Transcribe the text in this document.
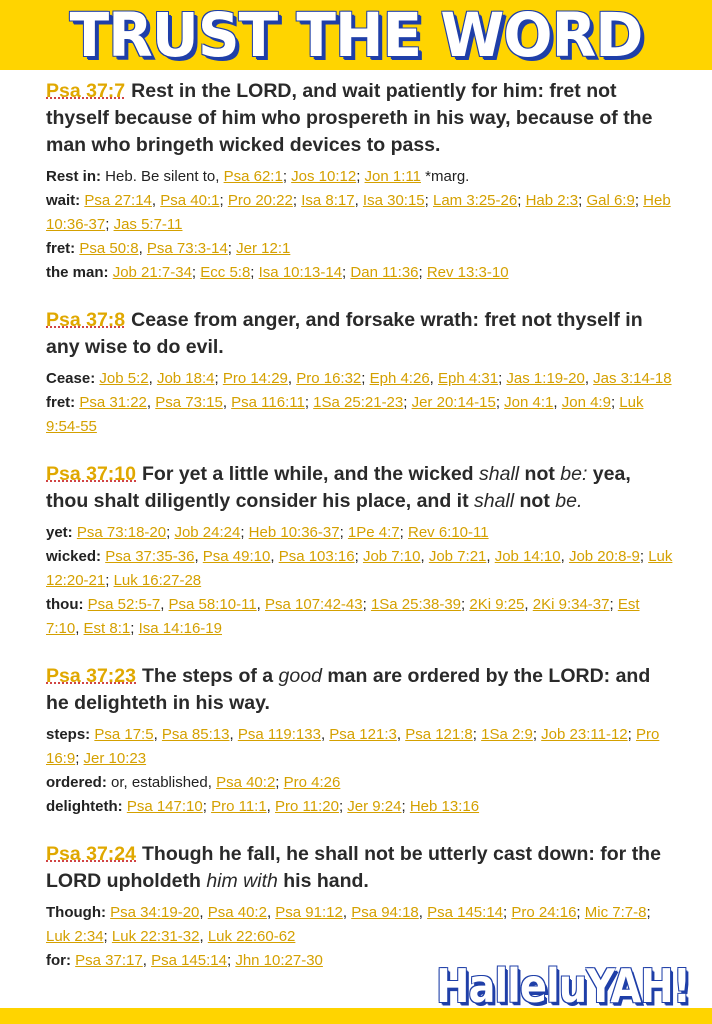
TRUST THE WORD

Psa 37:7 Rest in the LORD, and wait patiently for him: fret not thyself because of him who prospereth in his way, because of the man who bringeth wicked devices to pass.

Rest in: Heb. Be silent to, Psa 62:1; Jos 10:12; Jon 1:11 *marg.

wait: Psa 27:14, Psa 40:1; Pro 20:22; Isa 8:17, Isa 30:15; Lam 3:25-26; Hab 2:3; Gal 6:9; Heb 10:36-37; Jas 5:7-11

fret: Psa 50:8, Psa 73:3-14; Jer 12:1

the man: Job 21:7-34; Ecc 5:8; Isa 10:13-14; Dan 11:36; Rev 13:3-10

Psa 37:8 Cease from anger, and forsake wrath: fret not thyself in any wise to do evil.

Cease: Job 5:2, Job 18:4; Pro 14:29, Pro 16:32; Eph 4:26, Eph 4:31; Jas 1:19-20, Jas 3:14-18

fret: Psa 31:22, Psa 73:15, Psa 116:11; 1Sa 25:21-23; Jer 20:14-15; Jon 4:1, Jon 4:9; Luk 9:54-55

Psa 37:10 For yet a little while, and the wicked shall not be: yea, thou shalt diligently consider his place, and it shall not be.

yet: Psa 73:18-20; Job 24:24; Heb 10:36-37; 1Pe 4:7; Rev 6:10-11

wicked: Psa 37:35-36, Psa 49:10, Psa 103:16; Job 7:10, Job 7:21, Job 14:10, Job 20:8-9; Luk 12:20-21; Luk 16:27-28

thou: Psa 52:5-7, Psa 58:10-11, Psa 107:42-43; 1Sa 25:38-39; 2Ki 9:25, 2Ki 9:34-37; Est 7:10, Est 8:1; Isa 14:16-19

Psa 37:23 The steps of a good man are ordered by the LORD: and he delighteth in his way.

steps: Psa 17:5, Psa 85:13, Psa 119:133, Psa 121:3, Psa 121:8; 1Sa 2:9; Job 23:11-12; Pro 16:9; Jer 10:23

ordered: or, established, Psa 40:2; Pro 4:26

delighteth: Psa 147:10; Pro 11:1, Pro 11:20; Jer 9:24; Heb 13:16

Psa 37:24 Though he fall, he shall not be utterly cast down: for the LORD upholdeth him with his hand.

Though: Psa 34:19-20, Psa 40:2, Psa 91:12, Psa 94:18, Psa 145:14; Pro 24:16; Mic 7:7-8; Luk 2:34; Luk 22:31-32, Luk 22:60-62

for: Psa 37:17, Psa 145:14; Jhn 10:27-30

HalleluYAH!
